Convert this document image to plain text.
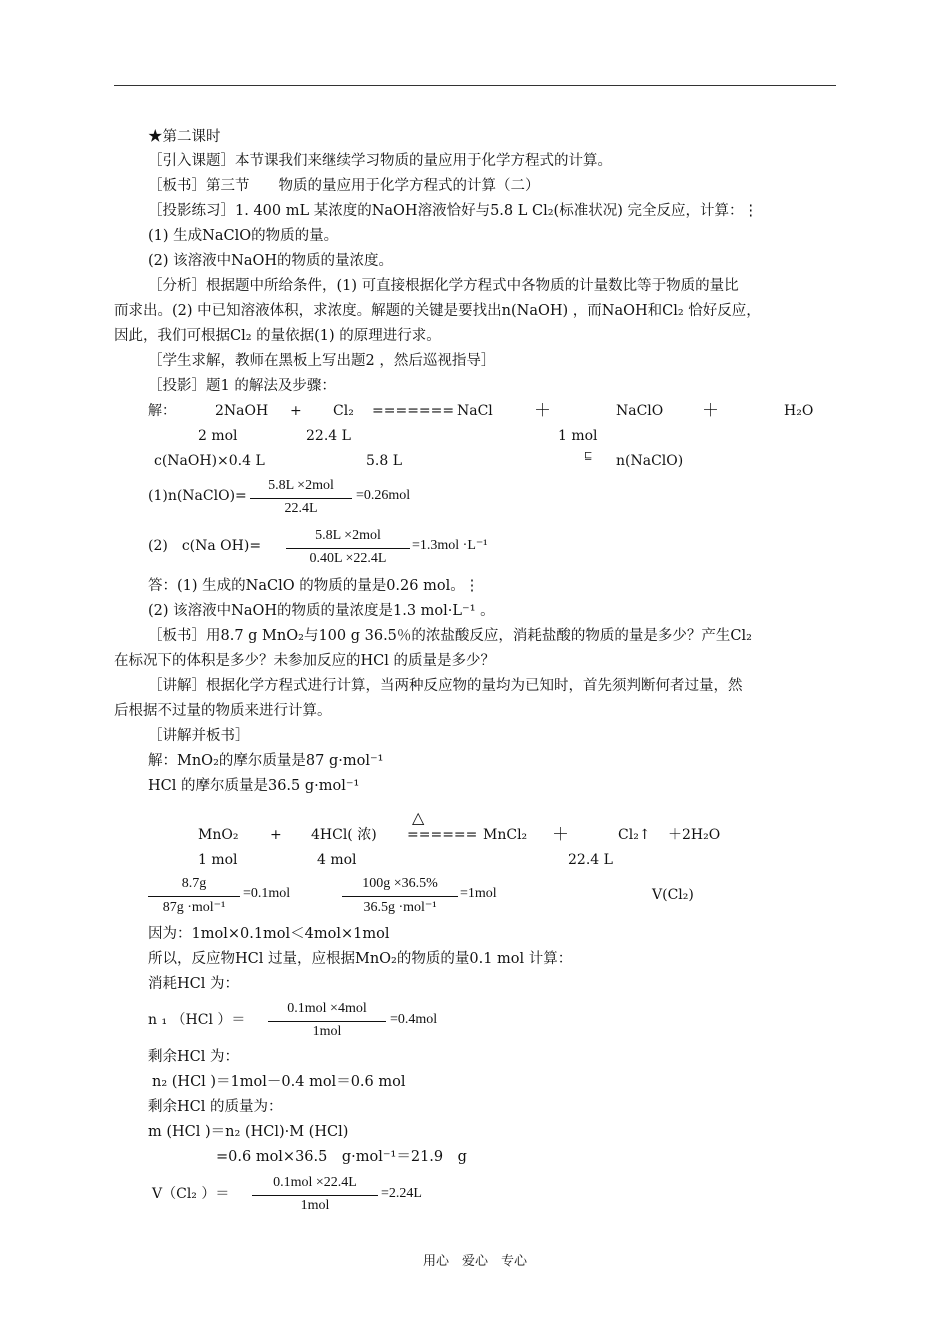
★第二课时
［引入课题］本节课我们来继续学习物质的量应用于化学方程式的计算。
［板书］第三节　　物质的量应用于化学方程式的计算（二）
［投影练习］1. 400 mL 某浓度的NaOH溶液恰好与5.8 L Cl₂(标准状况) 完全反应，计算：⋮
(1) 生成NaClO的物质的量。
(2) 该溶液中NaOH的物质的量浓度。
［分析］根据题中所给条件，(1) 可直接根据化学方程式中各物质的计量数比等于物质的量比
而求出。(2) 中已知溶液体积，求浓度。解题的关键是要找出n(NaOH) ，而NaOH和Cl₂ 恰好反应，
因此，我们可根据Cl₂ 的量依据(1) 的原理进行求。
［学生求解，教师在黑板上写出题2 ，然后巡视指导］
［投影］题1 的解法及步骤：
解：	2NaOH + Cl₂ ======= NaCl ＋	NaClO ＋	H₂O
2 mol	22.4 L	1 mol
c(NaOH)×0.4 L	5.8 L	⊑ n(NaClO)
(1)n(NaClO)=
5.8L ×2mol
22.4L
=0.26mol
(2)　c(Na OH)=
5.8L ×2mol
0.40L ×22.4L
=1.3mol ·L⁻¹
答：(1) 生成的NaClO 的物质的量是0.26 mol。⋮
(2) 该溶液中NaOH的物质的量浓度是1.3 mol·L⁻¹ 。
［板书］用8.7 g MnO₂与100 g 36.5％的浓盐酸反应，消耗盐酸的物质的量是多少？产生Cl₂
在标况下的体积是多少？未参加反应的HCl 的质量是多少？
［讲解］根据化学方程式进行计算，当两种反应物的量均为已知时，首先须判断何者过量，然
后根据不过量的物质来进行计算。
［讲解并板书］
解：MnO₂的摩尔质量是87 g·mol⁻¹
HCl 的摩尔质量是36.5 g·mol⁻¹
△
MnO₂ + 4HCl( 浓) ====== MnCl₂ ＋	Cl₂↑ ＋2H₂O
1 mol	4 mol	22.4 L
8.7g
87g ·mol⁻¹
=0.1mol
100g ×36.5%
36.5g ·mol⁻¹
=1mol	V(Cl₂)
因为：1mol×0.1mol＜4mol×1mol
所以，反应物HCl 过量，应根据MnO₂的物质的量0.1 mol 计算：
消耗HCl 为：
n ₁ （HCl ）＝
0.1mol ×4mol
1mol
=0.4mol
剩余HCl 为：
n₂ (HCl )＝1mol－0.4 mol＝0.6 mol
剩余HCl 的质量为：
m (HCl )＝n₂ (HCl)·M (HCl)
=0.6 mol×36.5　g·mol⁻¹＝21.9　g
V（Cl₂ ）＝
0.1mol ×22.4L
1mol
=2.24L
用心　爱心　专心
